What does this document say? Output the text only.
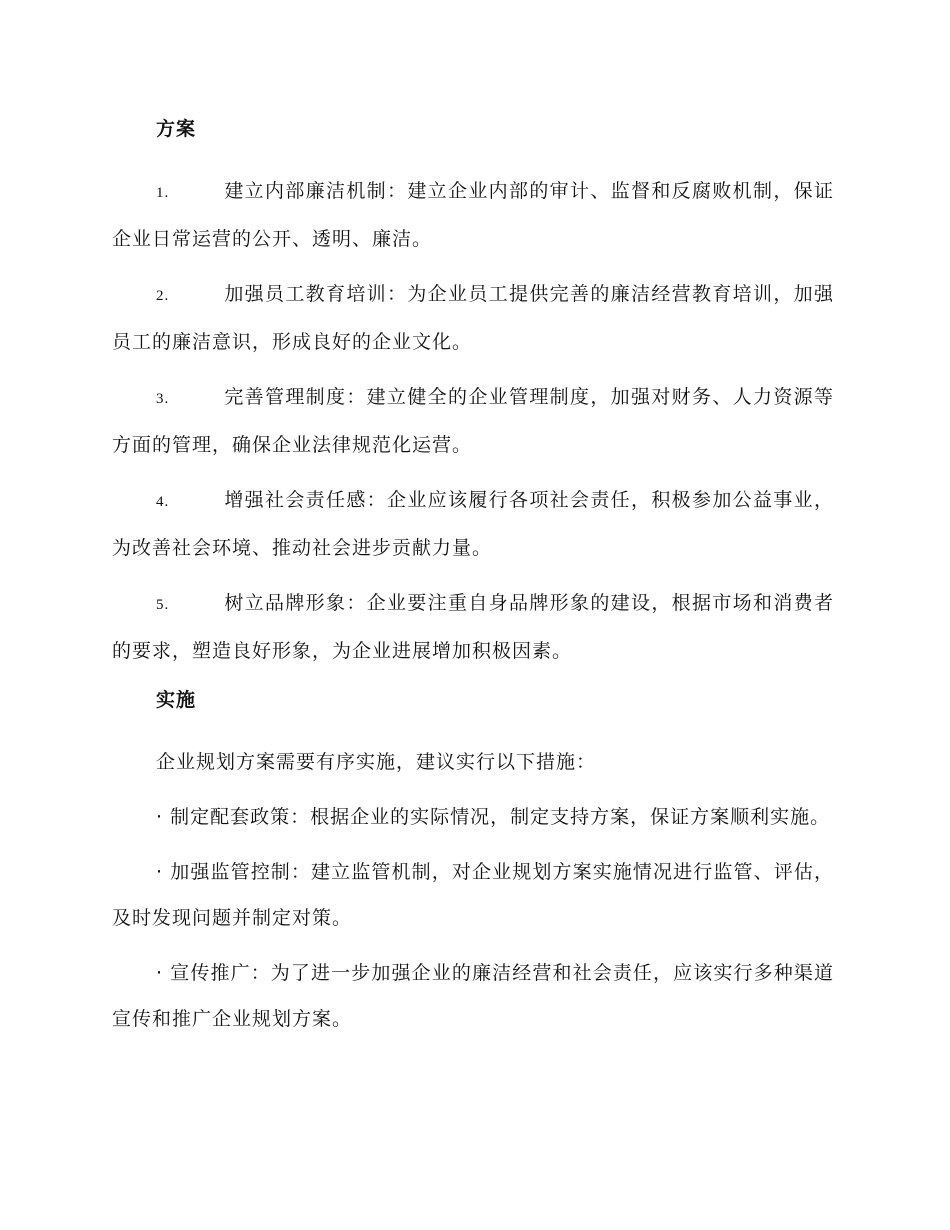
方案
1.	建立内部廉洁机制：建立企业内部的审计、监督和反腐败机制，保证企业日常运营的公开、透明、廉洁。
2.	加强员工教育培训：为企业员工提供完善的廉洁经营教育培训，加强员工的廉洁意识，形成良好的企业文化。
3.	完善管理制度：建立健全的企业管理制度，加强对财务、人力资源等方面的管理，确保企业法律规范化运营。
4.	增强社会责任感：企业应该履行各项社会责任，积极参加公益事业，为改善社会环境、推动社会进步贡献力量。
5.	树立品牌形象：企业要注重自身品牌形象的建设，根据市场和消费者的要求，塑造良好形象，为企业进展增加积极因素。
实施
企业规划方案需要有序实施，建议实行以下措施：
· 制定配套政策：根据企业的实际情况，制定支持方案，保证方案顺利实施。
· 加强监管控制：建立监管机制，对企业规划方案实施情况进行监管、评估，及时发现问题并制定对策。
· 宣传推广：为了进一步加强企业的廉洁经营和社会责任，应该实行多种渠道宣传和推广企业规划方案。
